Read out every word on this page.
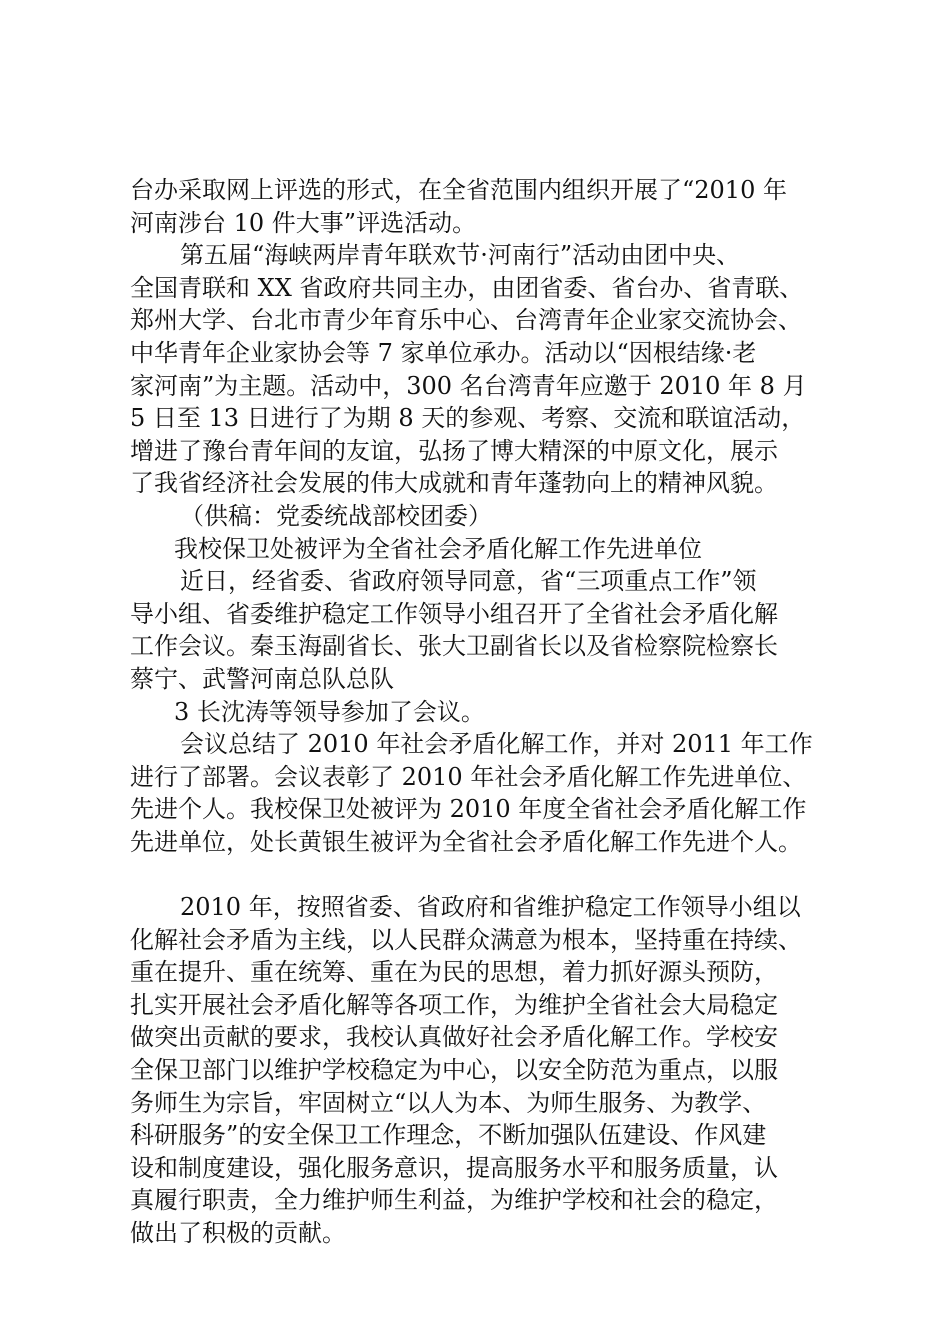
台办采取网上评选的形式，在全省范围内组织开展了“2010 年
河南涉台 10 件大事”评选活动。
第五届“海峡两岸青年联欢节·河南行”活动由团中央、
全国青联和 XX 省政府共同主办，由团省委、省台办、省青联、
郑州大学、台北市青少年育乐中心、台湾青年企业家交流协会、
中华青年企业家协会等 7 家单位承办。活动以“因根结缘·老
家河南”为主题。活动中，300 名台湾青年应邀于 2010 年 8 月
5 日至 13 日进行了为期 8 天的参观、考察、交流和联谊活动，
增进了豫台青年间的友谊，弘扬了博大精深的中原文化，展示
了我省经济社会发展的伟大成就和青年蓬勃向上的精神风貌。
（供稿：党委统战部校团委）
我校保卫处被评为全省社会矛盾化解工作先进单位
近日，经省委、省政府领导同意，省“三项重点工作”领
导小组、省委维护稳定工作领导小组召开了全省社会矛盾化解
工作会议。秦玉海副省长、张大卫副省长以及省检察院检察长
蔡宁、武警河南总队总队
3 长沈涛等领导参加了会议。
会议总结了 2010 年社会矛盾化解工作，并对 2011 年工作
进行了部署。会议表彰了 2010 年社会矛盾化解工作先进单位、
先进个人。我校保卫处被评为 2010 年度全省社会矛盾化解工作
先进单位，处长黄银生被评为全省社会矛盾化解工作先进个人。
2010 年，按照省委、省政府和省维护稳定工作领导小组以
化解社会矛盾为主线，以人民群众满意为根本，坚持重在持续、
重在提升、重在统筹、重在为民的思想，着力抓好源头预防，
扎实开展社会矛盾化解等各项工作，为维护全省社会大局稳定
做突出贡献的要求，我校认真做好社会矛盾化解工作。学校安
全保卫部门以维护学校稳定为中心，以安全防范为重点，以服
务师生为宗旨，牢固树立“以人为本、为师生服务、为教学、
科研服务”的安全保卫工作理念，不断加强队伍建设、作风建
设和制度建设，强化服务意识，提高服务水平和服务质量，认
真履行职责，全力维护师生利益，为维护学校和社会的稳定，
做出了积极的贡献。
